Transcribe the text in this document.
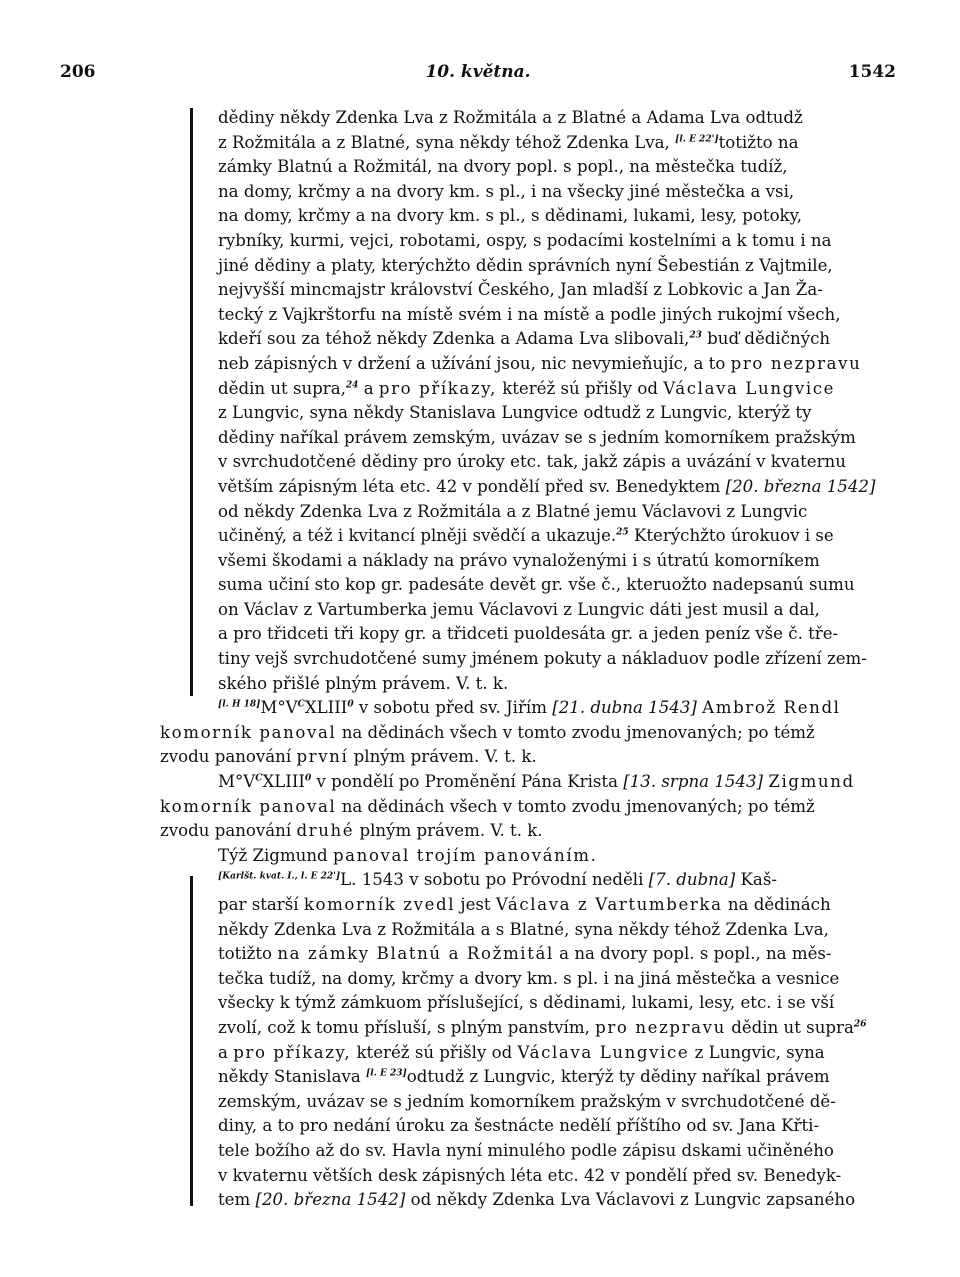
206	10. května.	1542

dědiny někdy Zdenka Lva z Rožmitála a z Blatné a Adama Lva odtudž
z Rožmitála a z Blatné, syna někdy téhož Zdenka Lva, [l. E 22']totižto na
zámky Blatnú a Rožmitál, na dvory popl. s popl., na městečka tudíž,
na domy, krčmy a na dvory km. s pl., i na všecky jiné městečka a vsi,
na domy, krčmy a na dvory km. s pl., s dědinami, lukami, lesy, potoky,
rybníky, kurmi, vejci, robotami, ospy, s podacími kostelními a k tomu i na
jiné dědiny a platy, kterýchžto dědin správních nyní Šebestián z Vajtmile,
nejvyšší mincmajstr království Českého, Jan mladší z Lobkovic a Jan Ža-
tecký z Vajkrštorfu na místě svém i na místě a podle jiných rukojmí všech,
kdeří sou za téhož někdy Zdenka a Adama Lva slibovali,$^{23}$ buď dědičných
neb zápisných v držení a užívání jsou, nic nevymieňujíc, a to pro nezpravu
dědin ut supra,$^{24}$ a pro příkazy, kteréž sú přišly od Václava Lungvice
z Lungvic, syna někdy Stanislava Lungvice odtudž z Lungvic, kterýž ty
dědiny naříkal právem zemským, uvázav se s jedním komorníkem pražským
v svrchudotčené dědiny pro úroky etc. tak, jakž zápis a uvázání v kvaternu
větším zápisným léta etc. 42 v pondělí před sv. Benedyktem [20. března 1542]
od někdy Zdenka Lva z Rožmitála a z Blatné jemu Václavovi z Lungvic
učiněný, a též i kvitancí plněji svědčí a ukazuje.$^{25}$ Kterýchžto úrokuov i se
všemi škodami a náklady na právo vynaloženými i s útratú komorníkem
suma učiní sto kop gr. padesáte devět gr. vše č., kteruožto nadepsanú sumu
on Václav z Vartumberka jemu Václavovi z Lungvic dáti jest musil a dal,
a pro třidceti tři kopy gr. a třidceti puoldesáta gr. a jeden peníz vše č. tře-
tiny vejš svrchudotčené sumy jménem pokuty a nákladuov podle zřízení zem-
ského přišlé plným právem. V. t. k.

$[l. H 18]M^\circ V^CXLIII^0$ v sobotu před sv. Jiřím [21. dubna 1543] Ambrož Rendl
komorník panoval na dědinách všech v tomto zvodu jmenovaných; po témž
zvodu panování první plným právem. V. t. k.

$M^\circ V^CXLIII^0$ v pondělí po Proměnění Pána Krista [13. srpna 1543] Zigmund
komorník panoval na dědinách všech v tomto zvodu jmenovaných; po témž
zvodu panování druhé plným právem. V. t. k.

Týž Zigmund panoval trojím panováním.

[Karlšt. kvat. I., l. E 22']L. 1543 v sobotu po Próvodní neděli [7. dubna] Kaš-
par starší komorník zvedl jest Václava z Vartumberka na dědinách
někdy Zdenka Lva z Rožmitála a s Blatné, syna někdy téhož Zdenka Lva,
totižto na zámky Blatnú a Rožmitál a na dvory popl. s popl., na měs-
tečka tudíž, na domy, krčmy a dvory km. s pl. i na jiná městečka a vesnice
všecky k týmž zámkuom příslušející, s dědinami, lukami, lesy, etc. i se vší
zvolí, což k tomu přísluší, s plným panstvím, pro nezpravu dědin ut supra$^{26}$
a pro příkazy, kteréž sú přišly od Václava Lungvice z Lungvic, syna
někdy Stanislava [l. E 23]odtudž z Lungvic, kterýž ty dědiny naříkal právem
zemským, uvázav se s jedním komorníkem pražským v svrchudotčené dě-
diny, a to pro nedání úroku za šestnácte nedělí příštího od sv. Jana Křti-
tele božího až do sv. Havla nyní minulého podle zápisu dskami učiněného
v kvaternu větších desk zápisných léta etc. 42 v pondělí před sv. Benedyk-
tem [20. března 1542] od někdy Zdenka Lva Václavovi z Lungvic zapsaného
